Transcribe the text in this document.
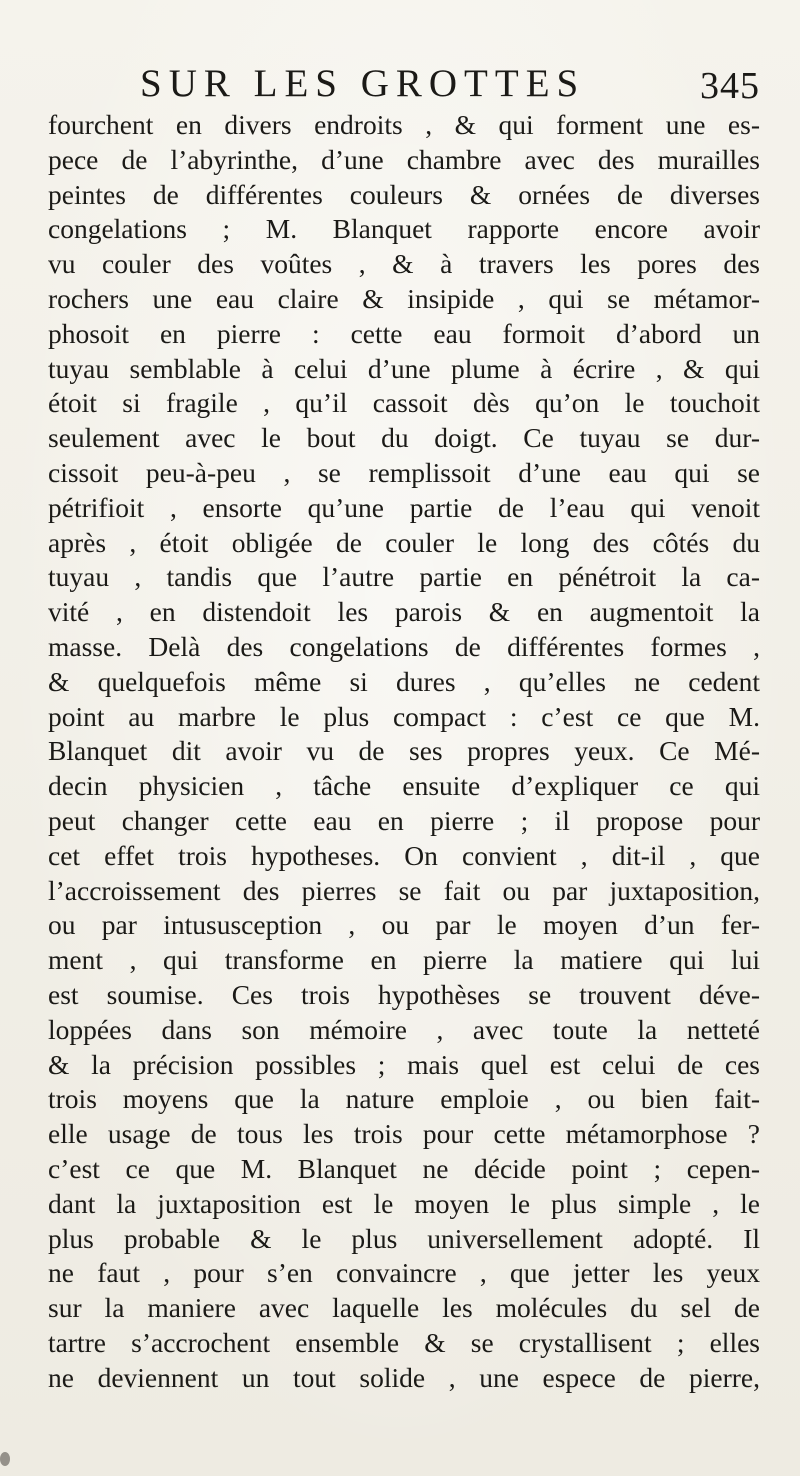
SUR LES GROTTES	345
fourchent en divers endroits , & qui forment une es-
pece de l’abyrinthe, d’une chambre avec des murailles
peintes de différentes couleurs & ornées de diverses
congelations ; M. Blanquet rapporte encore avoir
vu couler des voûtes , & à travers les pores des
rochers une eau claire & insipide , qui se métamor-
phosoit en pierre : cette eau formoit d’abord un
tuyau semblable à celui d’une plume à écrire , & qui
étoit si fragile , qu’il cassoit dès qu’on le touchoit
seulement avec le bout du doigt. Ce tuyau se dur-
cissoit peu-à-peu , se remplissoit d’une eau qui se
pétrifioit , ensorte qu’une partie de l’eau qui venoit
après , étoit obligée de couler le long des côtés du
tuyau , tandis que l’autre partie en pénétroit la ca-
vité , en distendoit les parois & en augmentoit la
masse. Delà des congelations de différentes formes ,
& quelquefois même si dures , qu’elles ne cedent
point au marbre le plus compact : c’est ce que M.
Blanquet dit avoir vu de ses propres yeux. Ce Mé-
decin physicien , tâche ensuite d’expliquer ce qui
peut changer cette eau en pierre ; il propose pour
cet effet trois hypotheses. On convient , dit-il , que
l’accroissement des pierres se fait ou par juxtaposition,
ou par intususception , ou par le moyen d’un fer-
ment , qui transforme en pierre la matiere qui lui
est soumise. Ces trois hypothèses se trouvent déve-
loppées dans son mémoire , avec toute la netteté
& la précision possibles ; mais quel est celui de ces
trois moyens que la nature emploie , ou bien fait-
elle usage de tous les trois pour cette métamorphose ?
c’est ce que M. Blanquet ne décide point ; cepen-
dant la juxtaposition est le moyen le plus simple , le
plus probable & le plus universellement adopté. Il
ne faut , pour s’en convaincre , que jetter les yeux
sur la maniere avec laquelle les molécules du sel de
tartre s’accrochent ensemble & se crystallisent ; elles
ne deviennent un tout solide , une espece de pierre,
